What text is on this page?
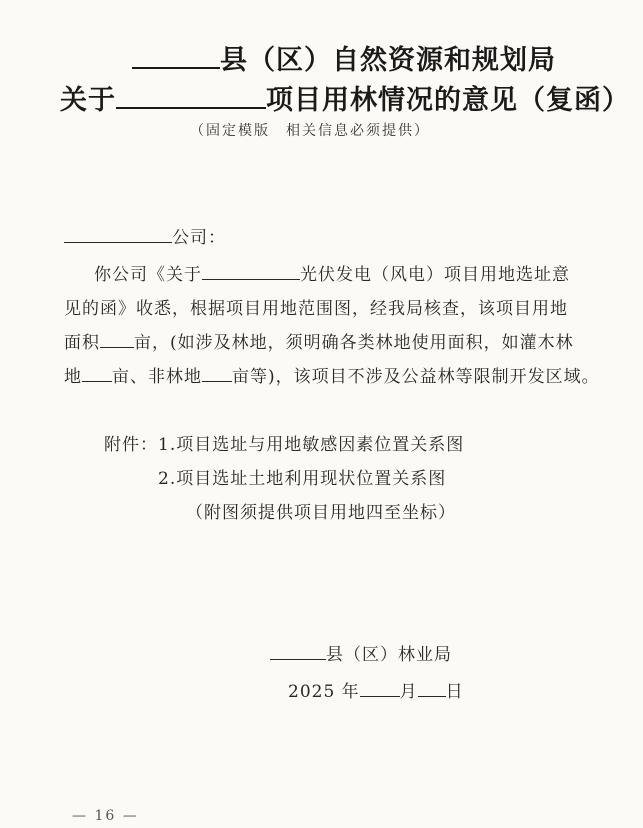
县（区）自然资源和规划局
关于	项目用林情况的意见（复函）
（固定模版　相关信息必须提供）
公司：
你公司《关于	光伏发电（风电）项目用地选址意
见的函》收悉，根据项目用地范围图，经我局核查，该项目用地
面积 亩，(如涉及林地，须明确各类林地使用面积，如灌木林
地 亩、非林地 亩等)，该项目不涉及公益林等限制开发区域。
附件： 1.项目选址与用地敏感因素位置关系图
2.项目选址土地利用现状位置关系图
（附图须提供项目用地四至坐标）
县（区）林业局
2025 年 月 日
— 16 —
